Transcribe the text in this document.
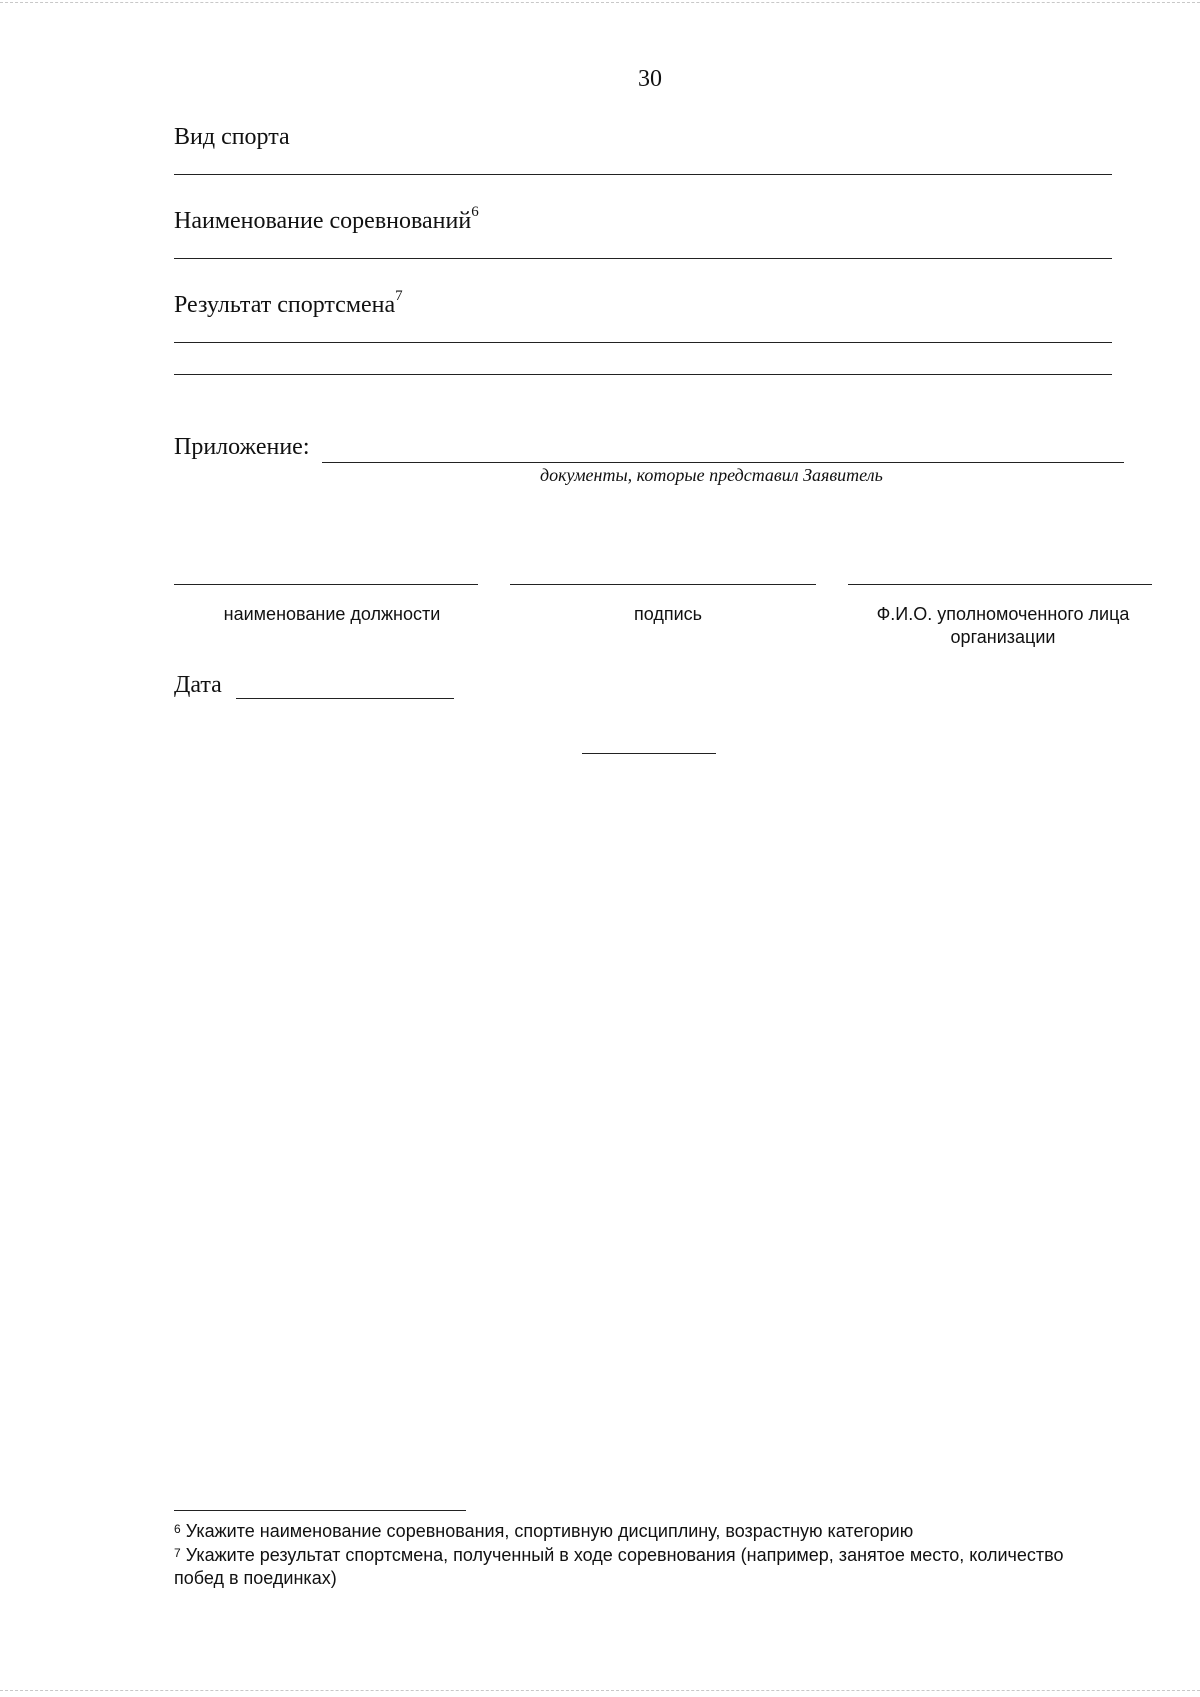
30
Вид спорта
Наименование соревнований$^6$
Результат спортсмена$^7$
Приложение:
документы, которые представил Заявитель
наименование должности	подпись	Ф.И.О. уполномоченного лица
организации
Дата
$^6$ Укажите наименование соревнования, спортивную дисциплину, возрастную категорию
$^7$ Укажите результат спортсмена, полученный в ходе соревнования (например, занятое место, количество побед в поединках)
